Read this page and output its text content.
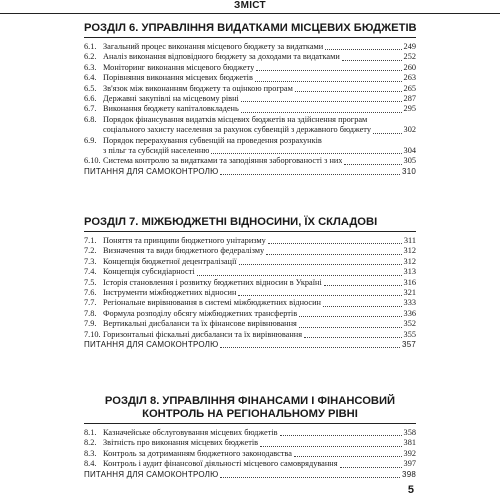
ЗМІСТ
РОЗДІЛ 6. УПРАВЛІННЯ ВИДАТКАМИ МІСЦЕВИХ БЮДЖЕТІВ
6.1. Загальний процес виконання місцевого бюджету за видатками	249
6.2. Аналіз виконання відповідного бюджету за доходами та видатками	252
6.3. Моніторинг виконання місцевого бюджету	260
6.4. Порівняння виконання місцевих бюджетів	263
6.5. Зв'язок між виконанням бюджету та оцінкою програм	265
6.6. Державні закупівлі на місцевому рівні	287
6.7. Виконання бюджету капіталовкладень	295
6.8. Порядок фінансування видатків місцевих бюджетів на здійснення програм
соціального захисту населення за рахунок субвенцій з державного бюджету	302
6.9. Порядок перерахування субвенцій на проведення розрахунків
з пільг та субсидій населенню	304
6.10. Система контролю за видатками та заподіяння заборгованості з них	305
ПИТАННЯ ДЛЯ САМОКОНТРОЛЮ	310
РОЗДІЛ 7. МІЖБЮДЖЕТНІ ВІДНОСИНИ, ЇХ СКЛАДОВІ
7.1. Поняття та принципи бюджетного унітаризму	311
7.2. Визначення та види бюджетного федералізму	312
7.3. Концепція бюджетної децентралізації	312
7.4. Концепція субсидіарності	313
7.5. Історія становлення і розвитку бюджетних відносин в Україні	316
7.6. Інструменти міжбюджетних відносин	321
7.7. Регіональне вирівнювання в системі міжбюджетних відносин	333
7.8. Формула розподілу обсягу міжбюджетних трансфертів	336
7.9. Вертикальні дисбаланси та їх фінансове вирівнювання	352
7.10. Горизонтальні фіскальні дисбаланси та їх вирівнювання	355
ПИТАННЯ ДЛЯ САМОКОНТРОЛЮ	357
РОЗДІЛ 8. УПРАВЛІННЯ ФІНАНСАМИ І ФІНАНСОВИЙ КОНТРОЛЬ НА РЕГІОНАЛЬНОМУ РІВНІ
8.1. Казначейське обслуговування місцевих бюджетів	358
8.2. Звітність про виконання місцевих бюджетів	381
8.3. Контроль за дотриманням бюджетного законодавства	392
8.4. Контроль і аудит фінансової діяльності місцевого самоврядування	397
ПИТАННЯ ДЛЯ САМОКОНТРОЛЮ	398
5
